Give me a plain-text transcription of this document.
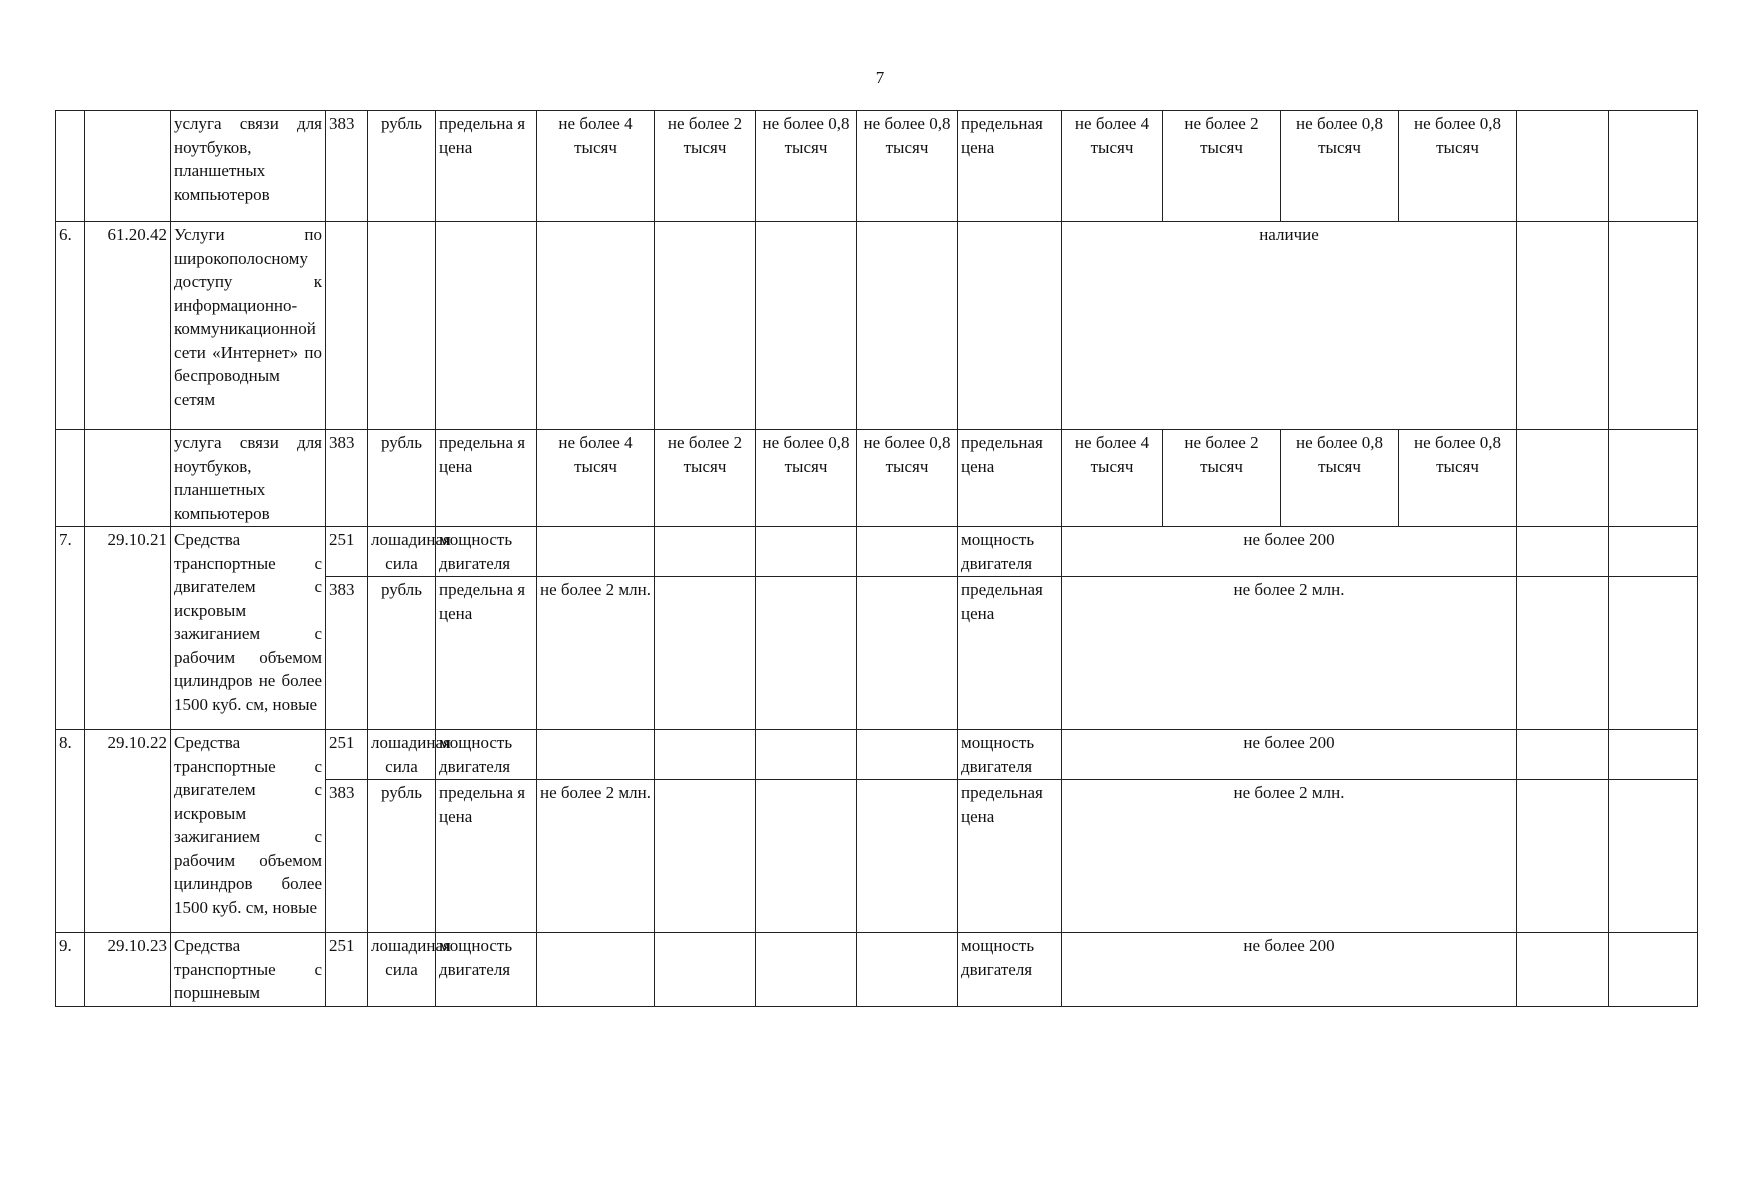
7
		услуга связи для ноутбуков, планшетных компьютеров	383	рубль	предельна я цена	не более 4 тысяч	не более 2 тысяч	не более 0,8 тысяч	не более 0,8 тысяч	предельная цена	не более 4 тысяч	не более 2 тысяч	не более 0,8 тысяч	не более 0,8 тысяч		
6.	61.20.42	Услуги по широкополосному доступу к информационно-коммуникационной сети «Интернет» по беспроводным сетям									наличие					
		услуга связи для ноутбуков, планшетных компьютеров	383	рубль	предельна я цена	не более 4 тысяч	не более 2 тысяч	не более 0,8 тысяч	не более 0,8 тысяч	предельная цена	не более 4 тысяч	не более 2 тысяч	не более 0,8 тысяч	не более 0,8 тысяч		
7.	29.10.21	Средства транспортные с двигателем с искровым зажиганием с рабочим объемом цилиндров не более 1500 куб. см, новые	251	лошадиная сила	мощность двигателя					мощность двигателя	не более 200					
			383	рубль	предельна я цена	не более 2 млн.				предельная цена	не более 2 млн.					
8.	29.10.22	Средства транспортные с двигателем с искровым зажиганием с рабочим объемом цилиндров более 1500 куб. см, новые	251	лошадиная сила	мощность двигателя					мощность двигателя	не более 200					
			383	рубль	предельна я цена	не более 2 млн.				предельная цена	не более 2 млн.					
9.	29.10.23	Средства транспортные с поршневым	251	лошадиная сила	мощность двигателя					мощность двигателя	не более 200					
